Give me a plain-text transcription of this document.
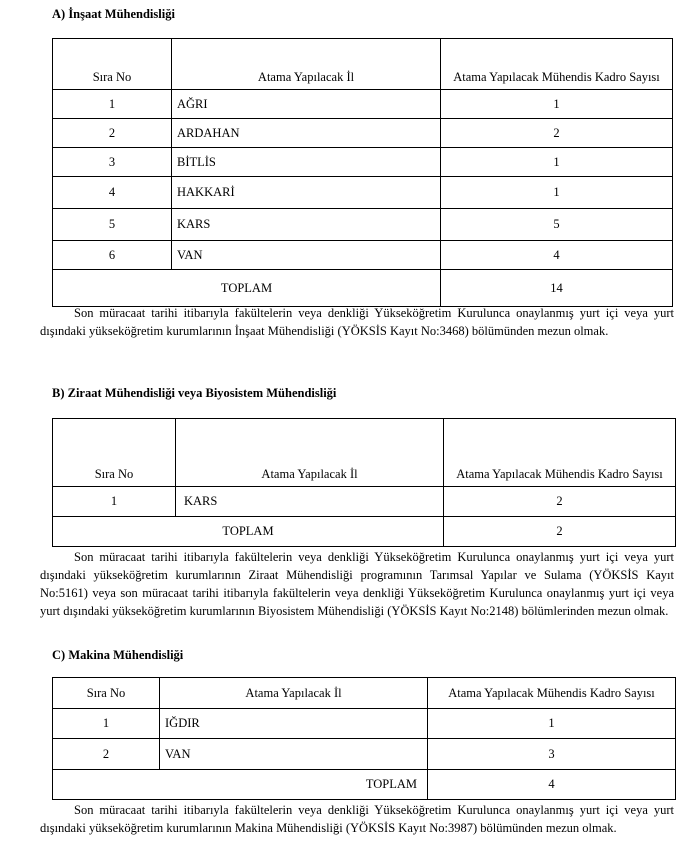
A) İnşaat Mühendisliği
Sıra No	Atama Yapılacak İl	Atama Yapılacak Mühendis Kadro Sayısı
1	AĞRI	1
2	ARDAHAN	2
3	BİTLİS	1
4	HAKKARİ	1
5	KARS	5
6	VAN	4
TOPLAM		14
Son müracaat tarihi itibarıyla fakültelerin veya denkliği Yükseköğretim Kurulunca onaylanmış yurt içi veya yurt dışındaki yükseköğretim kurumlarının İnşaat Mühendisliği (YÖKSİS Kayıt No:3468) bölümünden mezun olmak.
B) Ziraat Mühendisliği veya Biyosistem Mühendisliği
Sıra No	Atama Yapılacak İl	Atama Yapılacak Mühendis Kadro Sayısı
1	KARS	2
TOPLAM		2
Son müracaat tarihi itibarıyla fakültelerin veya denkliği Yükseköğretim Kurulunca onaylanmış yurt içi veya yurt dışındaki yükseköğretim kurumlarının Ziraat Mühendisliği programının Tarımsal Yapılar ve Sulama (YÖKSİS Kayıt No:5161) veya son müracaat tarihi itibarıyla fakültelerin veya denkliği Yükseköğretim Kurulunca onaylanmış yurt içi veya yurt dışındaki yükseköğretim kurumlarının Biyosistem Mühendisliği (YÖKSİS Kayıt No:2148) bölümlerinden mezun olmak.
C) Makina Mühendisliği
Sıra No	Atama Yapılacak İl	Atama Yapılacak Mühendis Kadro Sayısı
1	IĞDIR	1
2	VAN	3
TOPLAM		4
Son müracaat tarihi itibarıyla fakültelerin veya denkliği Yükseköğretim Kurulunca onaylanmış yurt içi veya yurt dışındaki yükseköğretim kurumlarının Makina Mühendisliği (YÖKSİS Kayıt No:3987) bölümünden mezun olmak.
